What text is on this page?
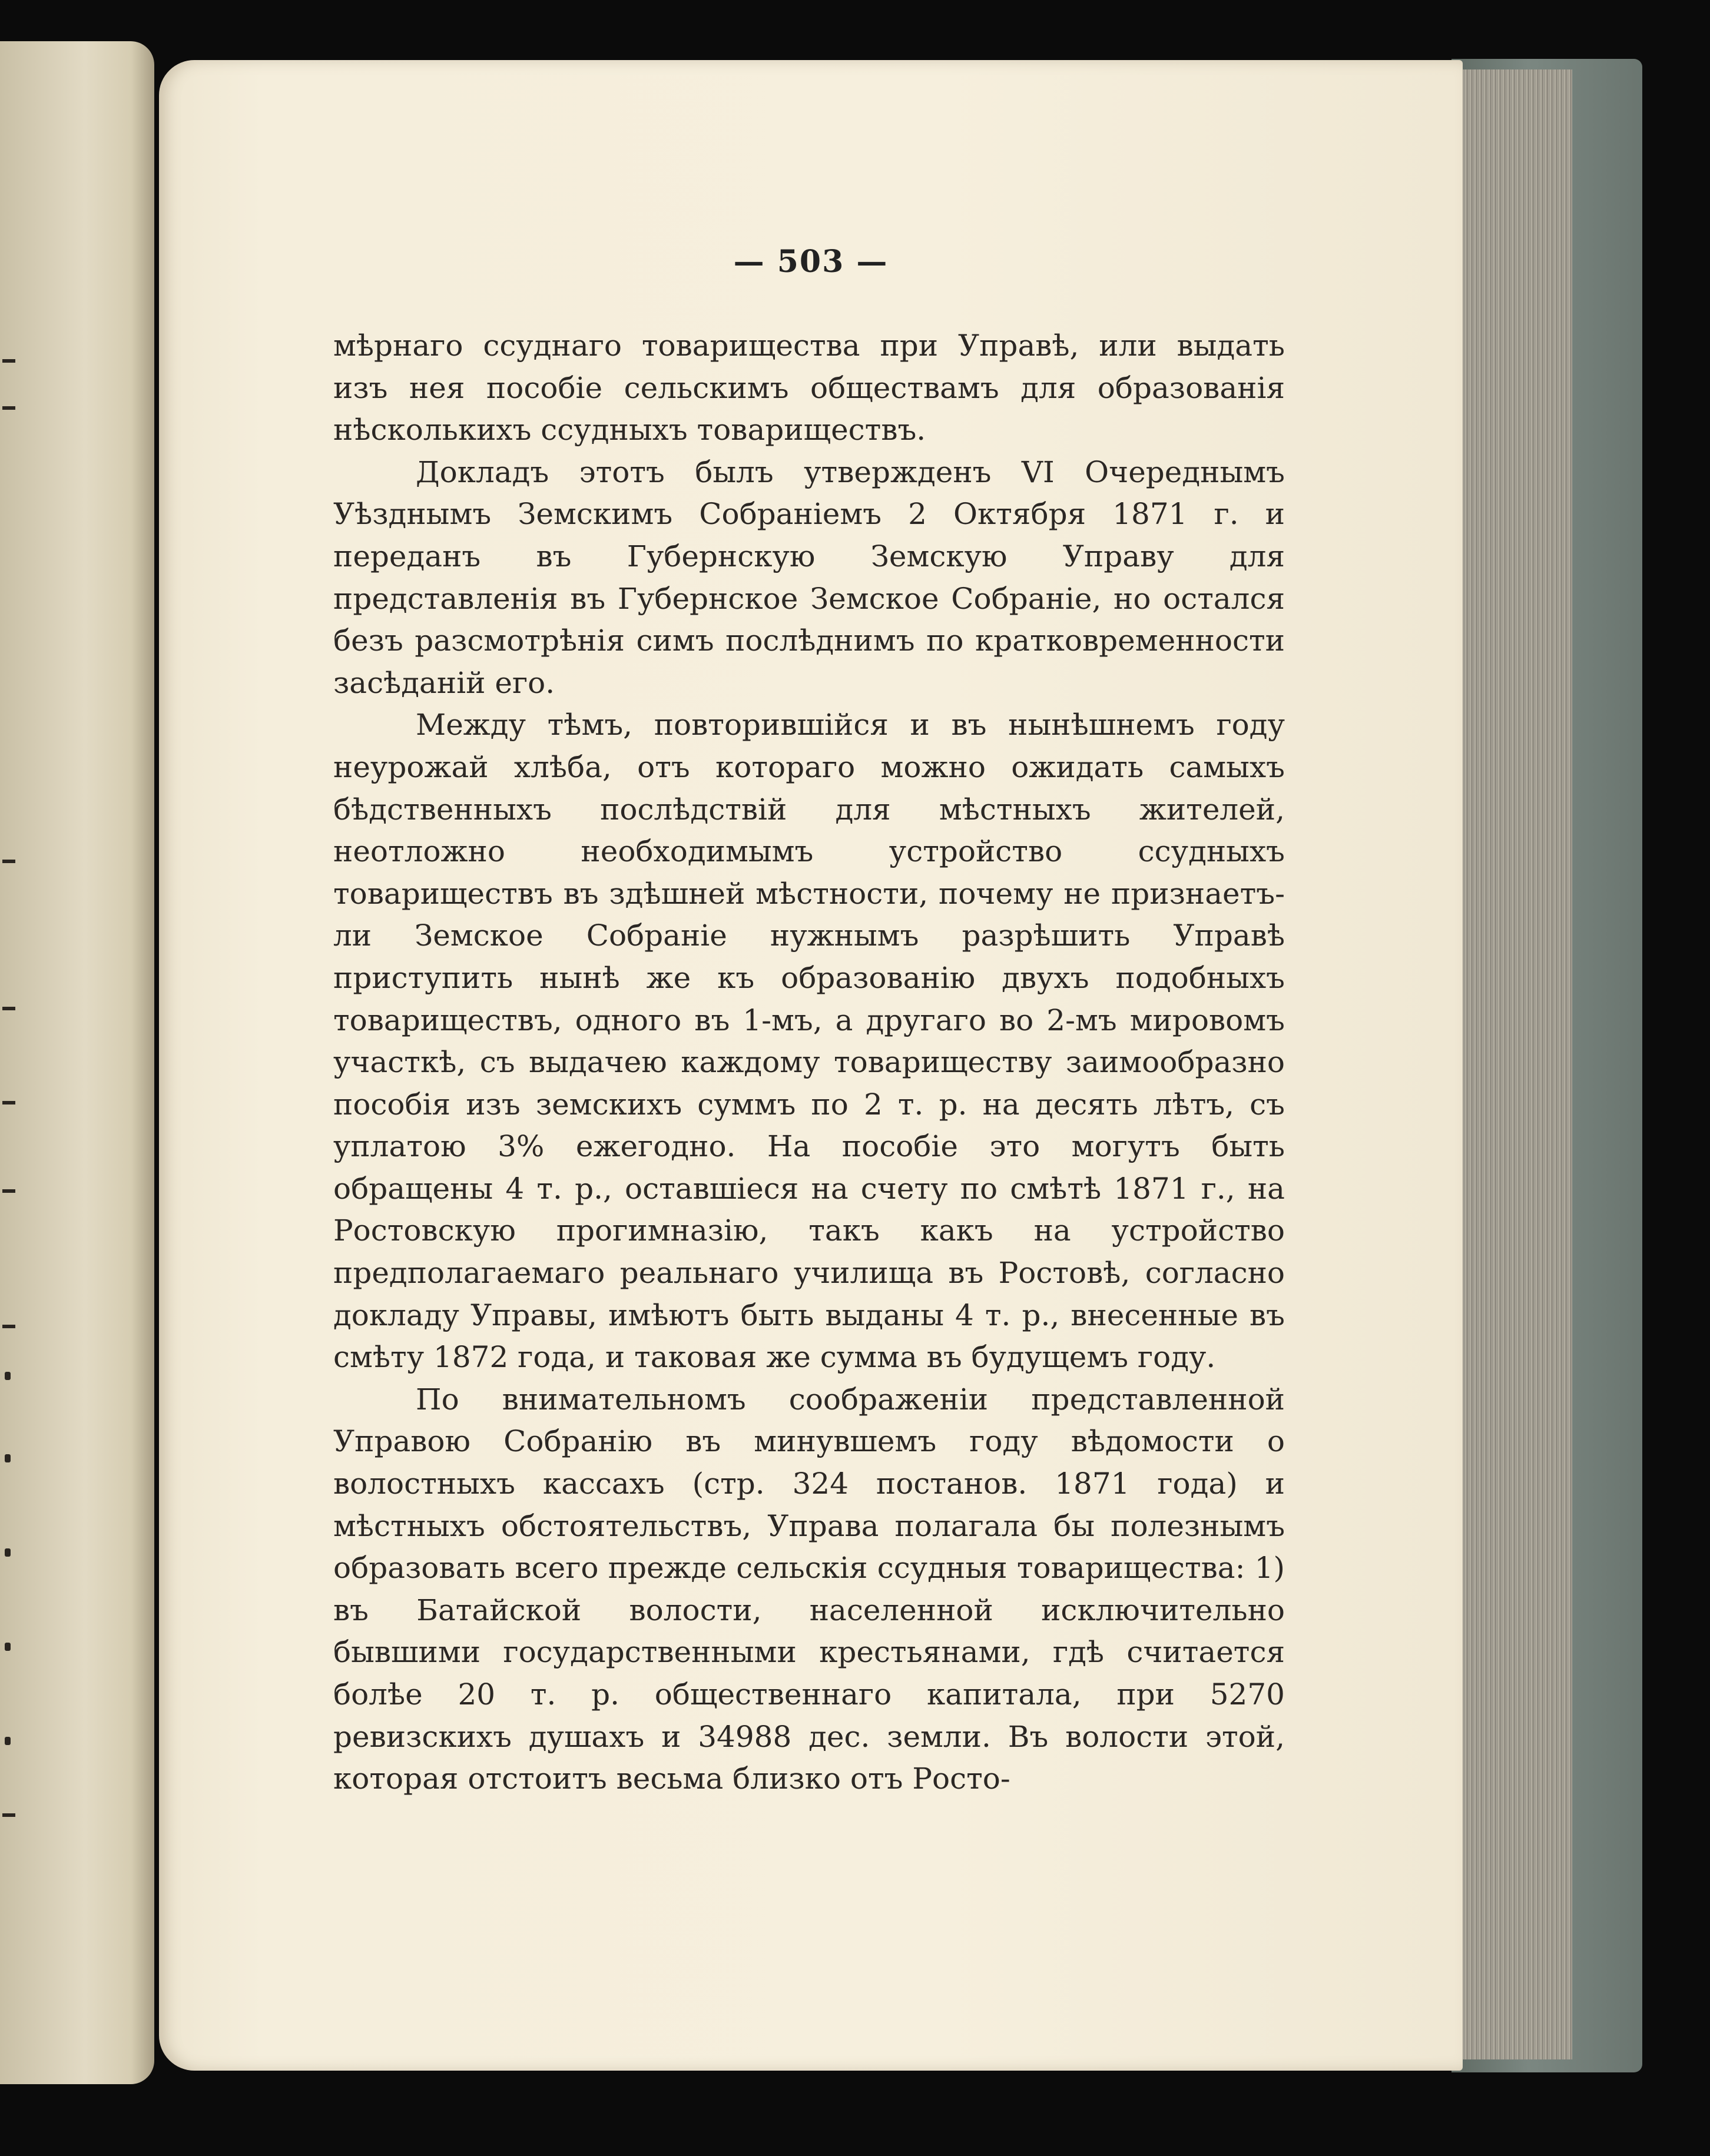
— 503 —

мѣрнаго ссуднаго товарищества при Управѣ, или выдать изъ нея пособіе сельскимъ обществамъ для образованія нѣсколькихъ ссудныхъ товариществъ.

Докладъ этотъ былъ утвержденъ VI Очереднымъ Уѣзднымъ Земскимъ Собраніемъ 2 Октября 1871 г. и переданъ въ Губернскую Земскую Управу для представленія въ Губернское Земское Собраніе, но остался безъ разсмотрѣнія симъ послѣднимъ по кратковременности засѣданій его.

Между тѣмъ, повторившійся и въ нынѣшнемъ году неурожай хлѣба, отъ котораго можно ожидать самыхъ бѣдственныхъ послѣдствій для мѣстныхъ жителей, неотложно необходимымъ устройство ссудныхъ товариществъ въ здѣшней мѣстности, почему не признаетъ-ли Земское Собраніе нужнымъ разрѣшить Управѣ приступить нынѣ же къ образованію двухъ подобныхъ товариществъ, одного въ 1-мъ, а другаго во 2-мъ мировомъ участкѣ, съ выдачею каждому товариществу заимообразно пособія изъ земскихъ суммъ по 2 т. р. на десять лѣтъ, съ уплатою 3% ежегодно. На пособіе это могутъ быть обращены 4 т. р., оставшіеся на счету по смѣтѣ 1871 г., на Ростовскую прогимназію, такъ какъ на устройство предполагаемаго реальнаго училища въ Ростовѣ, согласно докладу Управы, имѣютъ быть выданы 4 т. р., внесенные въ смѣту 1872 года, и таковая же сумма въ будущемъ году.

По внимательномъ соображеніи представленной Управою Собранію въ минувшемъ году вѣдомости о волостныхъ кассахъ (стр. 324 постанов. 1871 года) и мѣстныхъ обстоятельствъ, Управа полагала бы полезнымъ образовать всего прежде сельскія ссудныя товарищества: 1) въ Батайской волости, населенной исключительно бывшими государственными крестьянами, гдѣ считается болѣе 20 т. р. общественнаго капитала, при 5270 ревизскихъ душахъ и 34988 дес. земли. Въ волости этой, которая отстоитъ весьма близко отъ Росто-
